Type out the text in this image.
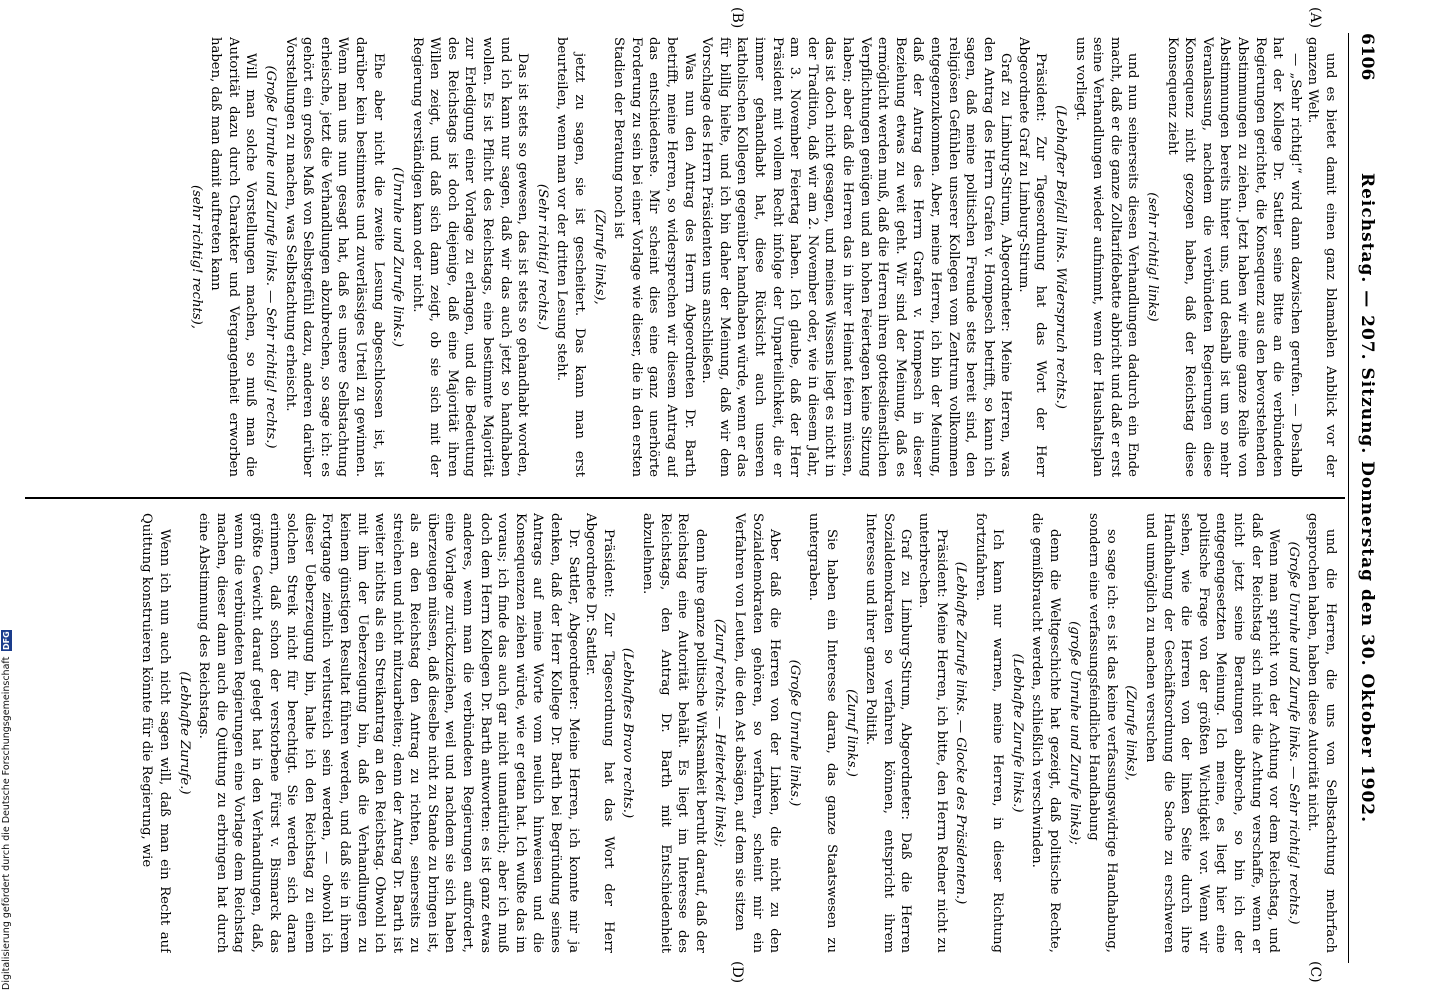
6106
Reichstag. — 207. Sitzung. Donnerstag den 30. Oktober 1902.
(A)
(B)
(C)
(D)

und es bietet damit einen ganz blamablen Anblick vor der ganzen Welt.

— „Sehr richtig!“ wird dann dazwischen gerufen. — Deshalb hat der Kollege Dr. Sattler seine Bitte an die verbündeten Regierungen gerichtet, die Konsequenz aus den bevorstehenden Abstimmungen zu ziehen. Jetzt haben wir eine ganze Reihe von Abstimmungen bereits hinter uns, und deshalb ist um so mehr Veranlassung, nachdem die verbündeten Regierungen diese Konsequenz nicht gezogen haben, daß der Reichstag diese Konsequenz zieht

(sehr richtig! links)

und nun seinerseits diesen Verhandlungen dadurch ein Ende macht, daß er die ganze Zolltarifdebatte abbricht und daß er erst seine Verhandlungen wieder aufnimmt, wenn der Haushaltsplan uns vorliegt.

(Lebhafter Beifall links. Widerspruch rechts.)

Präsident: Zur Tagesordnung hat das Wort der Herr Abgeordnete Graf zu Limburg-Stirum.

Graf zu Limburg-Stirum, Abgeordneter: Meine Herren, was den Antrag des Herrn Grafen v. Hompesch betrifft, so kann ich sagen, daß meine politischen Freunde stets bereit sind, den religiösen Gefühlen unserer Kollegen vom Zentrum vollkommen entgegenzukommen. Aber, meine Herren, ich bin der Meinung, daß der Antrag des Herrn Grafen v. Hompesch in dieser Beziehung etwas zu weit geht. Wir sind der Meinung, daß es ermöglicht werden muß, daß die Herren ihren gottesdienstlichen Verpflichtungen genügen und an hohen Feiertagen keine Sitzung haben; aber daß die Herren das in ihrer Heimat feiern müssen, das ist doch nicht gesagen, und meines Wissens liegt es nicht in der Tradition, daß wir am 2. November oder, wie in diesem Jahr, am 3. November Feiertag haben. Ich glaube, daß der Herr Präsident mit vollem Recht infolge der Unparteilichkeit, die er immer gehandhabt hat, diese Rücksicht auch unseren katholischen Kollegen gegenüber handhaben würde, wenn er das für billig hielte, und ich bin daher der Meinung, daß wir dem Vorschlage des Herrn Präsidenten uns anschließen.

Was nun den Antrag des Herrn Abgeordneten Dr. Barth betrifft, meine Herren, so widersprechen wir diesem Antrag auf das entschiedenste. Mir scheint dies eine ganz unerhörte Forderung zu sein bei einer Vorlage wie dieser, die in den ersten Stadien der Beratung noch ist

(Zurufe links),

jetzt zu sagen, sie ist gescheitert. Das kann man erst beurteilen, wenn man vor der dritten Lesung steht.

(Sehr richtig! rechts.)

Das ist stets so gewesen, das ist stets so gehandhabt worden, und ich kann nur sagen, daß wir das auch jetzt so handhaben wollen. Es ist Pflicht des Reichstags, eine bestimmte Majorität zur Erledigung einer Vorlage zu erlangen, und die Bedeutung des Reichstags ist doch diejenige, daß eine Majorität ihren Willen zeigt, und daß sich dann zeigt, ob sie sich mit der Regierung verständigen kann oder nicht.

(Unruhe und Zurufe links.)

Ehe aber nicht die zweite Lesung abgeschlossen ist, ist darüber kein bestimmtes und zuverlässiges Urteil zu gewinnen. Wenn man uns nun gesagt hat, daß es unsere Selbstachtung erheische, jetzt die Verhandlungen abzubrechen, so sage ich: es gehört ein großes Maß von Selbstgefühl dazu, anderen darüber Vorstellungen zu machen, was Selbstachtung erheischt.

(Große Unruhe und Zurufe links. — Sehr richtig! rechts.)

Will man solche Vorstellungen machen, so muß man die Autorität dazu durch Charakter und Vergangenheit erworben haben, daß man damit auftreten kann

(sehr richtig! rechts),

und die Herren, die uns von Selbstachtung mehrfach gesprochen haben, haben diese Autorität nicht.

(Große Unruhe und Zurufe links. — Sehr richtig! rechts.)

Wenn man spricht von der Achtung vor dem Reichstag, und daß der Reichstag sich nicht die Achtung verschaffe, wenn er nicht jetzt seine Beratungen abbreche, so bin ich der entgegengesetzten Meinung. Ich meine, es liegt hier eine politische Frage von der größten Wichtigkeit vor. Wenn wir sehen, wie die Herren von der linken Seite durch ihre Handhabung der Geschäftsordnung die Sache zu erschweren und unmöglich zu machen versuchen

(Zurufe links),

so sage ich: es ist das keine verfassungswidrige Handhabung, sondern eine verfassungsfeindliche Handhabung

(große Unruhe und Zurufe links);

denn die Weltgeschichte hat gezeigt, daß politische Rechte, die gemißbraucht werden, schließlich verschwinden.

(Lebhafte Zurufe links.)

Ich kann nur warnen, meine Herren, in dieser Richtung fortzufahren.

(Lebhafte Zurufe links. — Glocke des Präsidenten.)

Präsident: Meine Herren, ich bitte, den Herrn Redner nicht zu unterbrechen.

Graf zu Limburg-Stirum, Abgeordneter: Daß die Herren Sozialdemokraten so verfahren können, entspricht ihrem Interesse und ihrer ganzen Politik.

(Zuruf links.)

Sie haben ein Interesse daran, das ganze Staatswesen zu untergraben.

(Große Unruhe links.)

Aber daß die Herren von der Linken, die nicht zu den Sozialdemokraten gehören, so verfahren, scheint mir ein Verfahren von Leuten, die den Ast absägen, auf dem sie sitzen

(Zuruf rechts. — Heiterkeit links);

denn ihre ganze politische Wirksamkeit beruht darauf, daß der Reichstag eine Autorität behält. Es liegt im Interesse des Reichstags, den Antrag Dr. Barth mit Entschiedenheit abzulehnen.

(Lebhaftes Bravo rechts.)

Präsident: Zur Tagesordnung hat das Wort der Herr Abgeordnete Dr. Sattler.

Dr. Sattler, Abgeordneter: Meine Herren, ich konnte mir ja denken, daß der Herr Kollege Dr. Barth bei Begründung seines Antrags auf meine Worte vom neulich hinweisen und die Konsequenzen ziehen würde, wie er getan hat. Ich wußte das im voraus; ich finde das auch gar nicht unnatürlich; aber ich muß doch dem Herrn Kollegen Dr. Barth antworten: es ist ganz etwas anderes, wenn man die verbündeten Regierungen auffordert, eine Vorlage zurückzuziehen, weil und nachdem sie sich haben überzeugen müssen, daß dieselbe nicht zu Stande zu bringen ist, als an den Reichstag den Antrag zu richten, seinerseits zu streichen und nicht mitzuarbeiten; denn der Antrag Dr. Barth ist weiter nichts als ein Streikantrag an den Reichstag. Obwohl ich mit ihm der Ueberzeugung bin, daß die Verhandlungen zu keinem günstigen Resultat führen werden, und daß sie in ihrem Fortgange ziemlich verlustreich sein werden, — obwohl ich dieser Ueberzeugung bin, halte ich den Reichstag zu einem solchen Streik nicht für berechtigt. Sie werden sich daran erinnern, daß schon der verstorbene Fürst v. Bismarck das größte Gewicht darauf gelegt hat in den Verhandlungen, daß, wenn die verbündeten Regierungen eine Vorlage dem Reichstag machen, dieser dann auch die Quittung zu erbringen hat durch eine Abstimmung des Reichstags.

(Lebhafte Zurufe.)

Wenn ich nun auch nicht sagen will, daß man ein Recht auf Quittung konstruieren könnte für die Regierung, wie

Digitalisierung gefördert durch die Deutsche Forschungsgemeinschaft DFG
